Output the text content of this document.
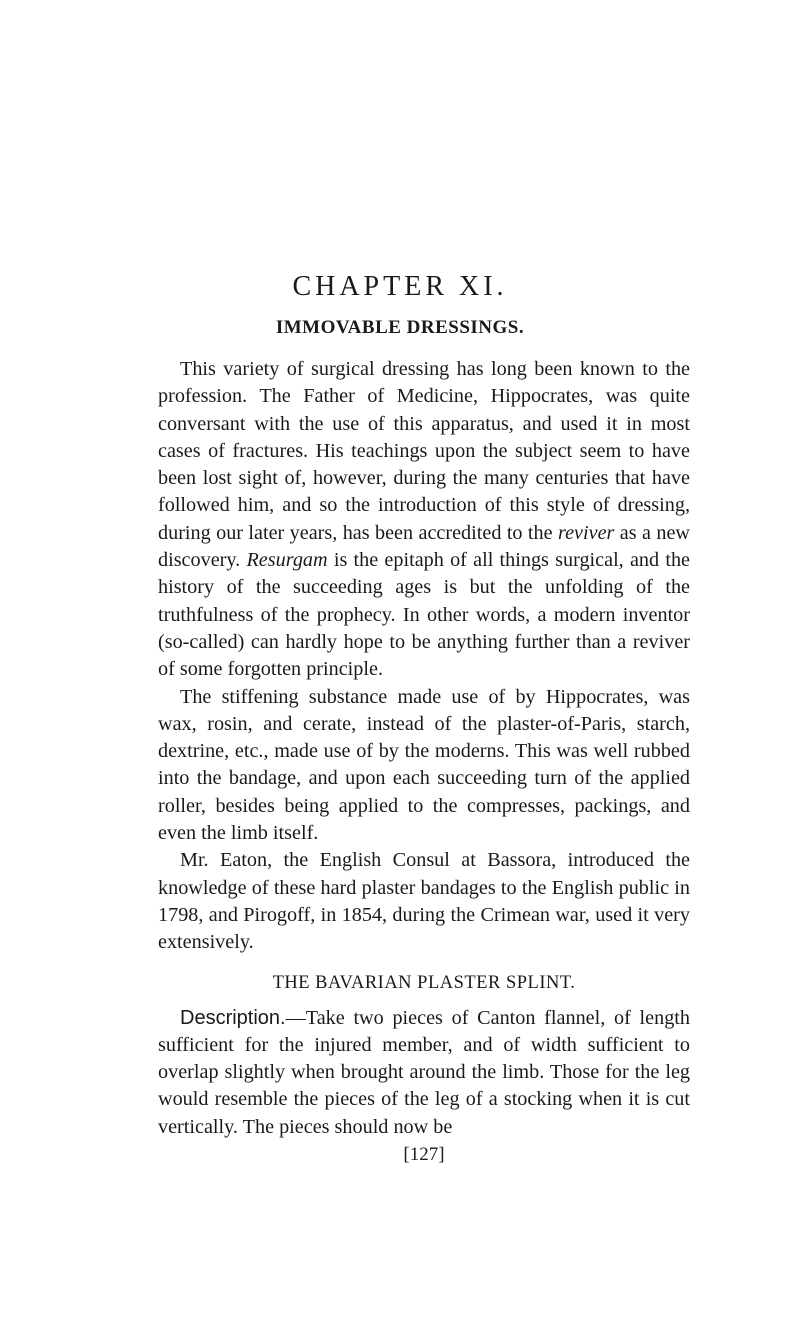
CHAPTER XI.
IMMOVABLE DRESSINGS.

This variety of surgical dressing has long been known to the profession. The Father of Medicine, Hippocrates, was quite conversant with the use of this apparatus, and used it in most cases of fractures. His teachings upon the subject seem to have been lost sight of, however, during the many centuries that have followed him, and so the introduction of this style of dressing, during our later years, has been accredited to the reviver as a new discovery. Resurgam is the epitaph of all things surgical, and the history of the succeeding ages is but the unfolding of the truthfulness of the prophecy. In other words, a modern inventor (so-called) can hardly hope to be anything further than a reviver of some forgotten principle.

The stiffening substance made use of by Hippocrates, was wax, rosin, and cerate, instead of the plaster-of-Paris, starch, dextrine, etc., made use of by the moderns. This was well rubbed into the bandage, and upon each succeeding turn of the applied roller, besides being applied to the compresses, packings, and even the limb itself.

Mr. Eaton, the English Consul at Bassora, introduced the knowledge of these hard plaster bandages to the English public in 1798, and Pirogoff, in 1854, during the Crimean war, used it very extensively.

THE BAVARIAN PLASTER SPLINT.

Description.—Take two pieces of Canton flannel, of length sufficient for the injured member, and of width sufficient to overlap slightly when brought around the limb. Those for the leg would resemble the pieces of the leg of a stocking when it is cut vertically. The pieces should now be

[127]
